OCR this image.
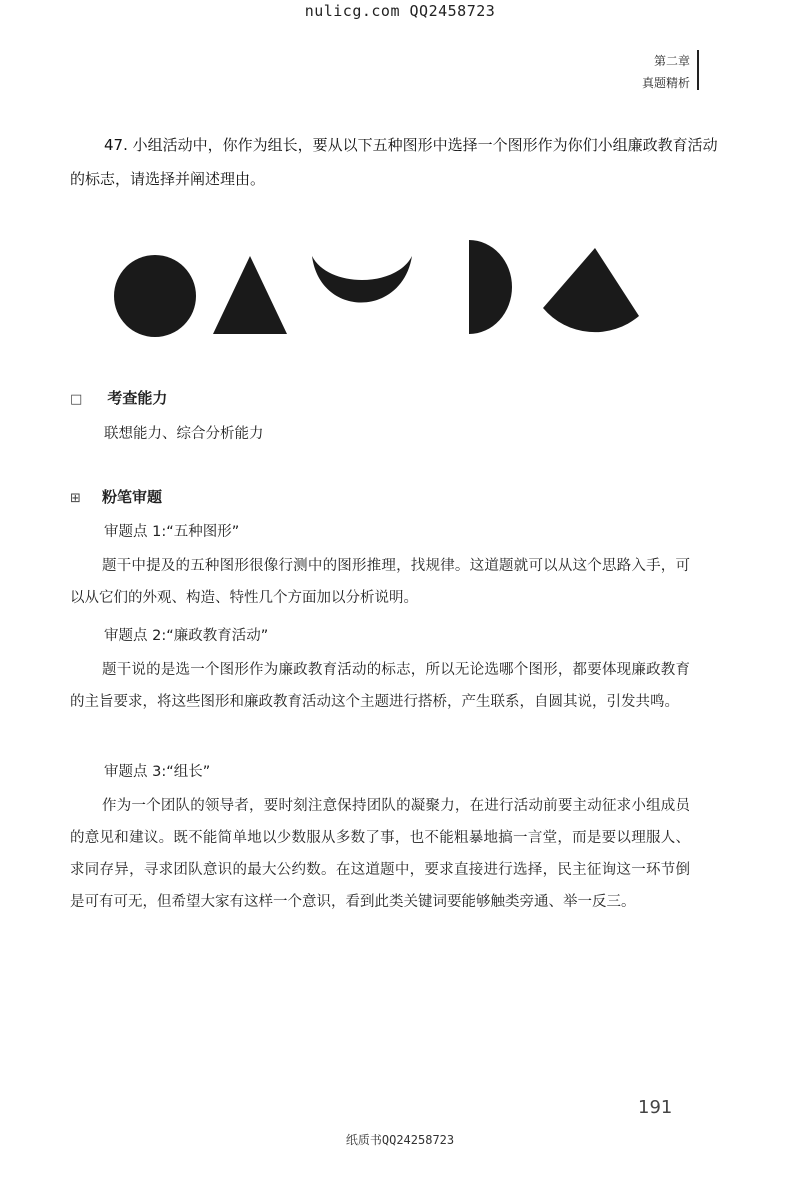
nulicg.com QQ2458723
第二章
真题精析
47. 小组活动中，你作为组长，要从以下五种图形中选择一个图形作为你们小组廉政教育活动的标志，请选择并阐述理由。
□ 考查能力
联想能力、综合分析能力
⊞ 粉笔审题
审题点 1:“五种图形”
题干中提及的五种图形很像行测中的图形推理，找规律。这道题就可以从这个思路入手，可以从它们的外观、构造、特性几个方面加以分析说明。
审题点 2:“廉政教育活动”
题干说的是选一个图形作为廉政教育活动的标志，所以无论选哪个图形，都要体现廉政教育的主旨要求，将这些图形和廉政教育活动这个主题进行搭桥，产生联系，自圆其说，引发共鸣。
审题点 3:“组长”
作为一个团队的领导者，要时刻注意保持团队的凝聚力，在进行活动前要主动征求小组成员的意见和建议。既不能简单地以少数服从多数了事，也不能粗暴地搞一言堂，而是要以理服人、求同存异，寻求团队意识的最大公约数。在这道题中，要求直接进行选择，民主征询这一环节倒是可有可无，但希望大家有这样一个意识，看到此类关键词要能够触类旁通、举一反三。
191
纸质书QQ24258723
